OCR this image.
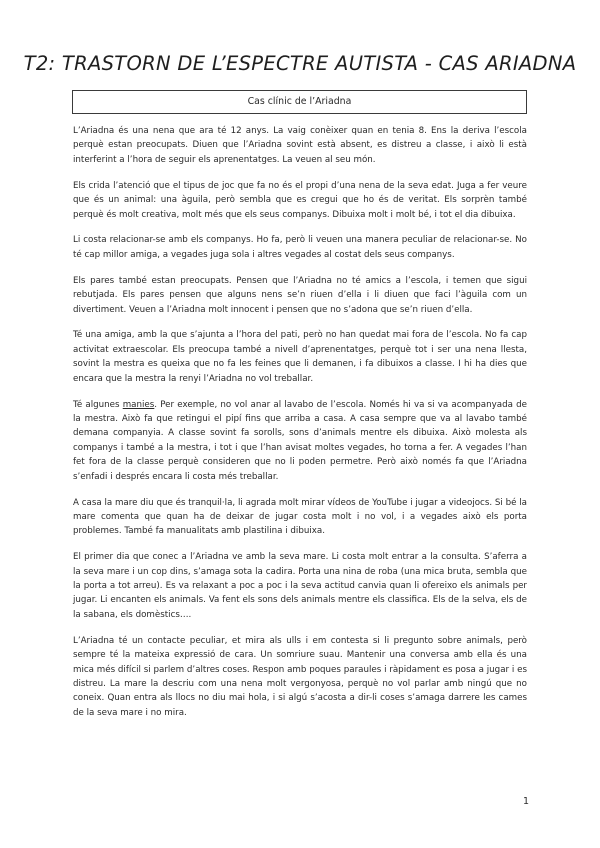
T2: TRASTORN DE L’ESPECTRE AUTISTA - CAS ARIADNA
Cas clínic de l’Ariadna

L’Ariadna és una nena que ara té 12 anys. La vaig conèixer quan en tenia 8. Ens la deriva l’escola perquè estan preocupats. Diuen que l’Ariadna sovint està absent, es distreu a classe, i això li està interferint a l’hora de seguir els aprenentatges. La veuen al seu món.

Els crida l’atenció que el tipus de joc que fa no és el propi d’una nena de la seva edat. Juga a fer veure que és un animal: una àguila, però sembla que es cregui que ho és de veritat. Els sorprèn també perquè és molt creativa, molt més que els seus companys. Dibuixa molt i molt bé, i tot el dia dibuixa.

Li costa relacionar-se amb els companys. Ho fa, però li veuen una manera peculiar de relacionar-se. No té cap millor amiga, a vegades juga sola i altres vegades al costat dels seus companys.

Els pares també estan preocupats. Pensen que l’Ariadna no té amics a l’escola, i temen que sigui rebutjada. Els pares pensen que alguns nens se’n riuen d’ella i li diuen que faci l’àguila com un divertiment. Veuen a l’Ariadna molt innocent i pensen que no s’adona que se’n riuen d’ella.

Té una amiga, amb la que s’ajunta a l’hora del pati, però no han quedat mai fora de l’escola. No fa cap activitat extraescolar. Els preocupa també a nivell d’aprenentatges, perquè tot i ser una nena llesta, sovint la mestra es queixa que no fa les feines que li demanen, i fa dibuixos a classe. I hi ha dies que encara que la mestra la renyi l’Ariadna no vol treballar.

Té algunes manies. Per exemple, no vol anar al lavabo de l’escola. Només hi va si va acompanyada de la mestra. Això fa que retingui el pipí fins que arriba a casa. A casa sempre que va al lavabo també demana companyia. A classe sovint fa sorolls, sons d’animals mentre els dibuixa. Això molesta als companys i també a la mestra, i tot i que l’han avisat moltes vegades, ho torna a fer. A vegades l’han fet fora de la classe perquè consideren que no li poden permetre. Però això només fa que l’Ariadna s’enfadi i després encara li costa més treballar.

A casa la mare diu que és tranquil·la, li agrada molt mirar vídeos de YouTube i jugar a videojocs. Si bé la mare comenta que quan ha de deixar de jugar costa molt i no vol, i a vegades això els porta problemes. També fa manualitats amb plastilina i dibuixa.

El primer dia que conec a l’Ariadna ve amb la seva mare. Li costa molt entrar a la consulta. S’aferra a la seva mare i un cop dins, s’amaga sota la cadira. Porta una nina de roba (una mica bruta, sembla que la porta a tot arreu). Es va relaxant a poc a poc i la seva actitud canvia quan li ofereixo els animals per jugar. Li encanten els animals. Va fent els sons dels animals mentre els classifica. Els de la selva, els de la sabana, els domèstics….

L’Ariadna té un contacte peculiar, et mira als ulls i em contesta si li pregunto sobre animals, però sempre té la mateixa expressió de cara. Un somriure suau. Mantenir una conversa amb ella és una mica més difícil si parlem d’altres coses. Respon amb poques paraules i ràpidament es posa a jugar i es distreu. La mare la descriu com una nena molt vergonyosa, perquè no vol parlar amb ningú que no coneix. Quan entra als llocs no diu mai hola, i si algú s’acosta a dir-li coses s’amaga darrere les cames de la seva mare i no mira.

1
